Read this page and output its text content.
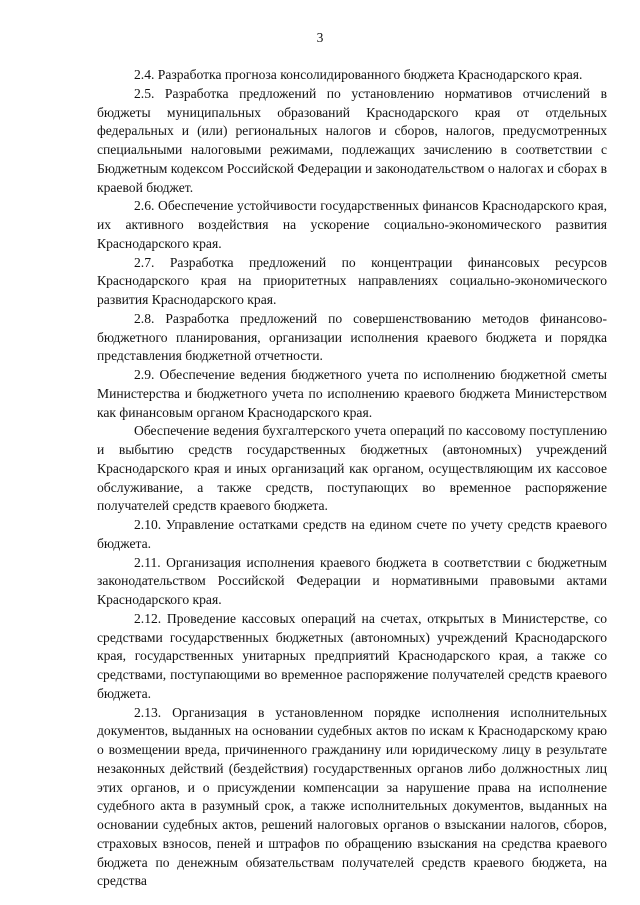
3

2.4. Разработка прогноза консолидированного бюджета Краснодарского края.

2.5. Разработка предложений по установлению нормативов отчислений в бюджеты муниципальных образований Краснодарского края от отдельных федеральных и (или) региональных налогов и сборов, налогов, предусмотренных специальными налоговыми режимами, подлежащих зачислению в соответствии с Бюджетным кодексом Российской Федерации и законодательством о налогах и сборах в краевой бюджет.

2.6. Обеспечение устойчивости государственных финансов Краснодарского края, их активного воздействия на ускорение социально-экономического развития Краснодарского края.

2.7. Разработка предложений по концентрации финансовых ресурсов Краснодарского края на приоритетных направлениях социально-экономического развития Краснодарского края.

2.8. Разработка предложений по совершенствованию методов финансово-бюджетного планирования, организации исполнения краевого бюджета и порядка представления бюджетной отчетности.

2.9. Обеспечение ведения бюджетного учета по исполнению бюджетной сметы Министерства и бюджетного учета по исполнению краевого бюджета Министерством как финансовым органом Краснодарского края.

Обеспечение ведения бухгалтерского учета операций по кассовому поступлению и выбытию средств государственных бюджетных (автономных) учреждений Краснодарского края и иных организаций как органом, осуществляющим их кассовое обслуживание, а также средств, поступающих во временное распоряжение получателей средств краевого бюджета.

2.10. Управление остатками средств на едином счете по учету средств краевого бюджета.

2.11. Организация исполнения краевого бюджета в соответствии с бюджетным законодательством Российской Федерации и нормативными правовыми актами Краснодарского края.

2.12. Проведение кассовых операций на счетах, открытых в Министерстве, со средствами государственных бюджетных (автономных) учреждений Краснодарского края, государственных унитарных предприятий Краснодарского края, а также со средствами, поступающими во временное распоряжение получателей средств краевого бюджета.

2.13. Организация в установленном порядке исполнения исполнительных документов, выданных на основании судебных актов по искам к Краснодарскому краю о возмещении вреда, причиненного гражданину или юридическому лицу в результате незаконных действий (бездействия) государственных органов либо должностных лиц этих органов, и о присуждении компенсации за нарушение права на исполнение судебного акта в разумный срок, а также исполнительных документов, выданных на основании судебных актов, решений налоговых органов о взыскании налогов, сборов, страховых взносов, пеней и штрафов по обращению взыскания на средства краевого бюджета по денежным обязательствам получателей средств краевого бюджета, на средства
